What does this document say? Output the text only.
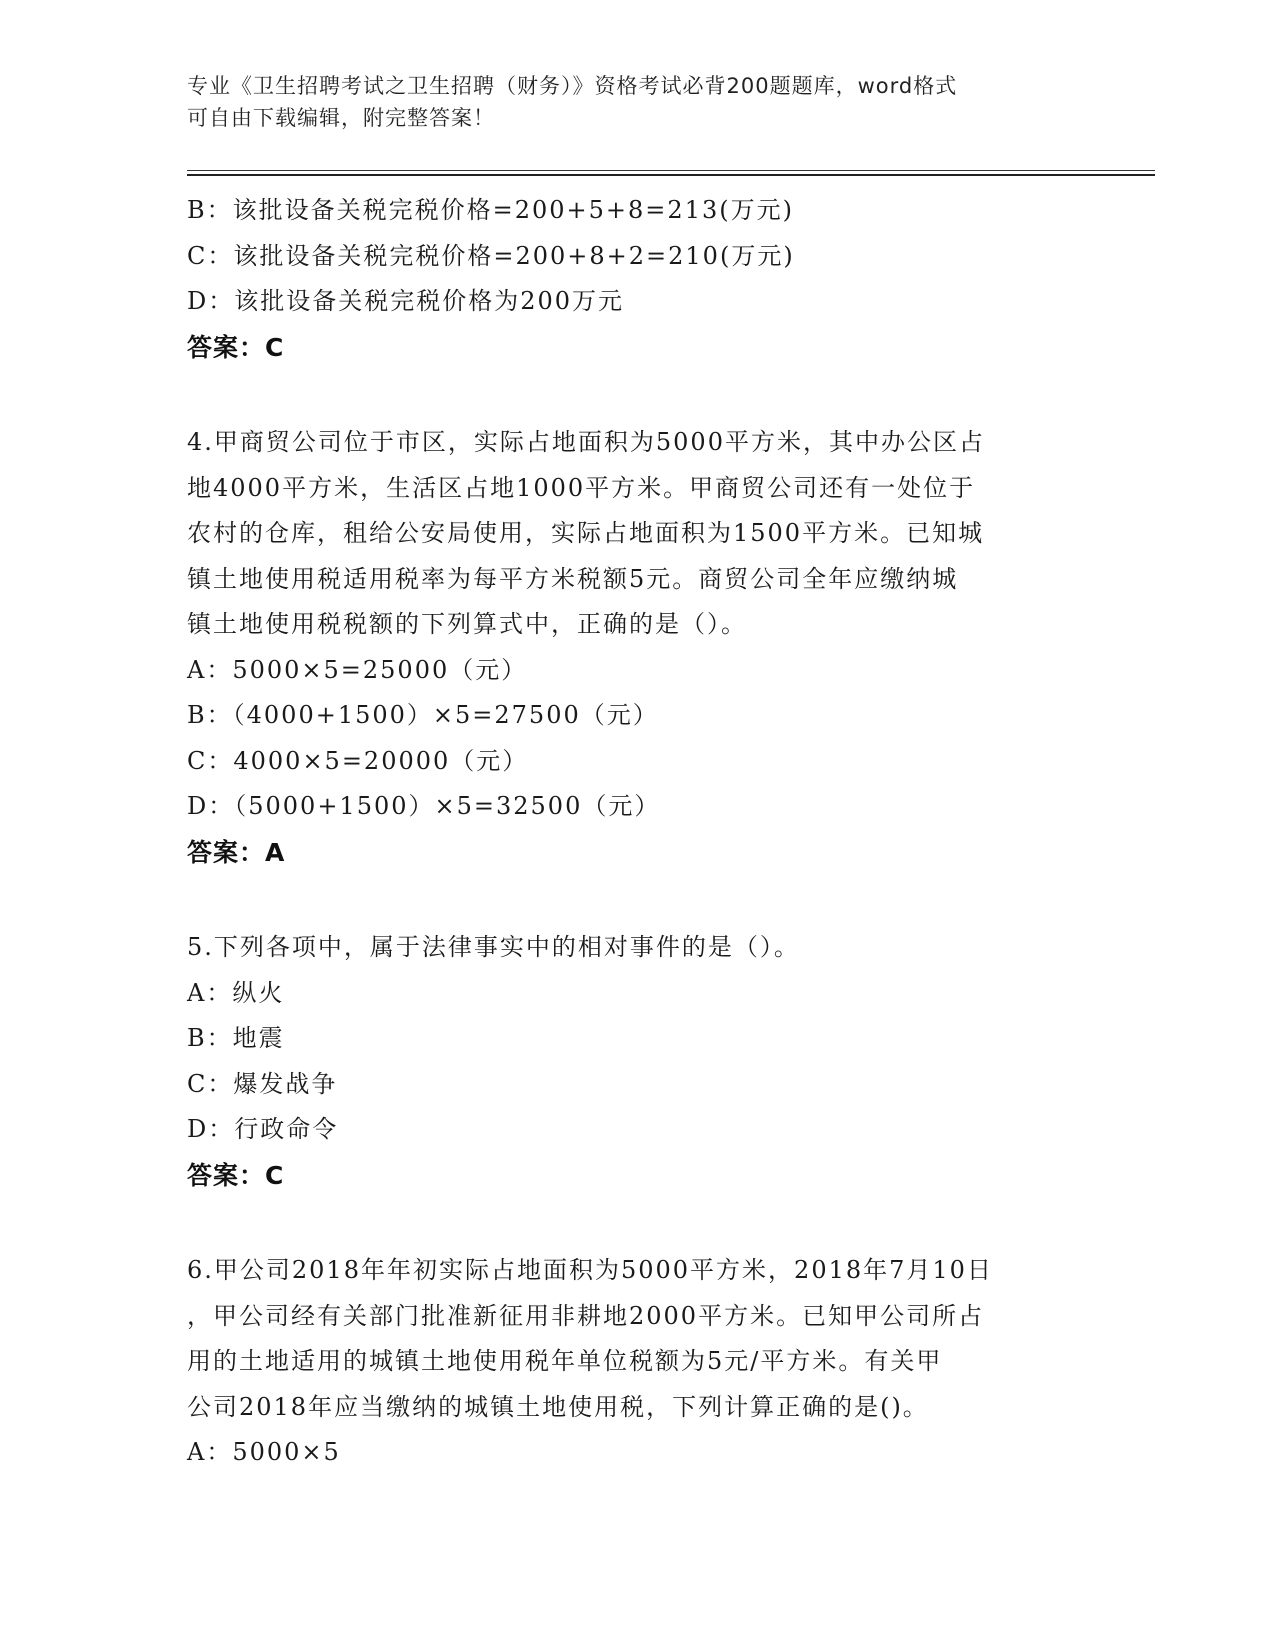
专业《卫生招聘考试之卫生招聘（财务）》资格考试必背200题题库，word格式
可自由下载编辑，附完整答案！
B：该批设备关税完税价格=200+5+8=213(万元)
C：该批设备关税完税价格=200+8+2=210(万元)
D：该批设备关税完税价格为200万元
答案：C
4.甲商贸公司位于市区，实际占地面积为5000平方米，其中办公区占
地4000平方米，生活区占地1000平方米。甲商贸公司还有一处位于
农村的仓库，租给公安局使用，实际占地面积为1500平方米。已知城
镇土地使用税适用税率为每平方米税额5元。商贸公司全年应缴纳城
镇土地使用税税额的下列算式中，正确的是（）。
A：5000×5=25000（元）
B：（4000+1500）×5=27500（元）
C：4000×5=20000（元）
D：（5000+1500）×5=32500（元）
答案：A
5.下列各项中，属于法律事实中的相对事件的是（）。
A：纵火
B：地震
C：爆发战争
D：行政命令
答案：C
6.甲公司2018年年初实际占地面积为5000平方米，2018年7月10日
，甲公司经有关部门批准新征用非耕地2000平方米。已知甲公司所占
用的土地适用的城镇土地使用税年单位税额为5元/平方米。有关甲
公司2018年应当缴纳的城镇土地使用税，下列计算正确的是()。
A：5000×5
